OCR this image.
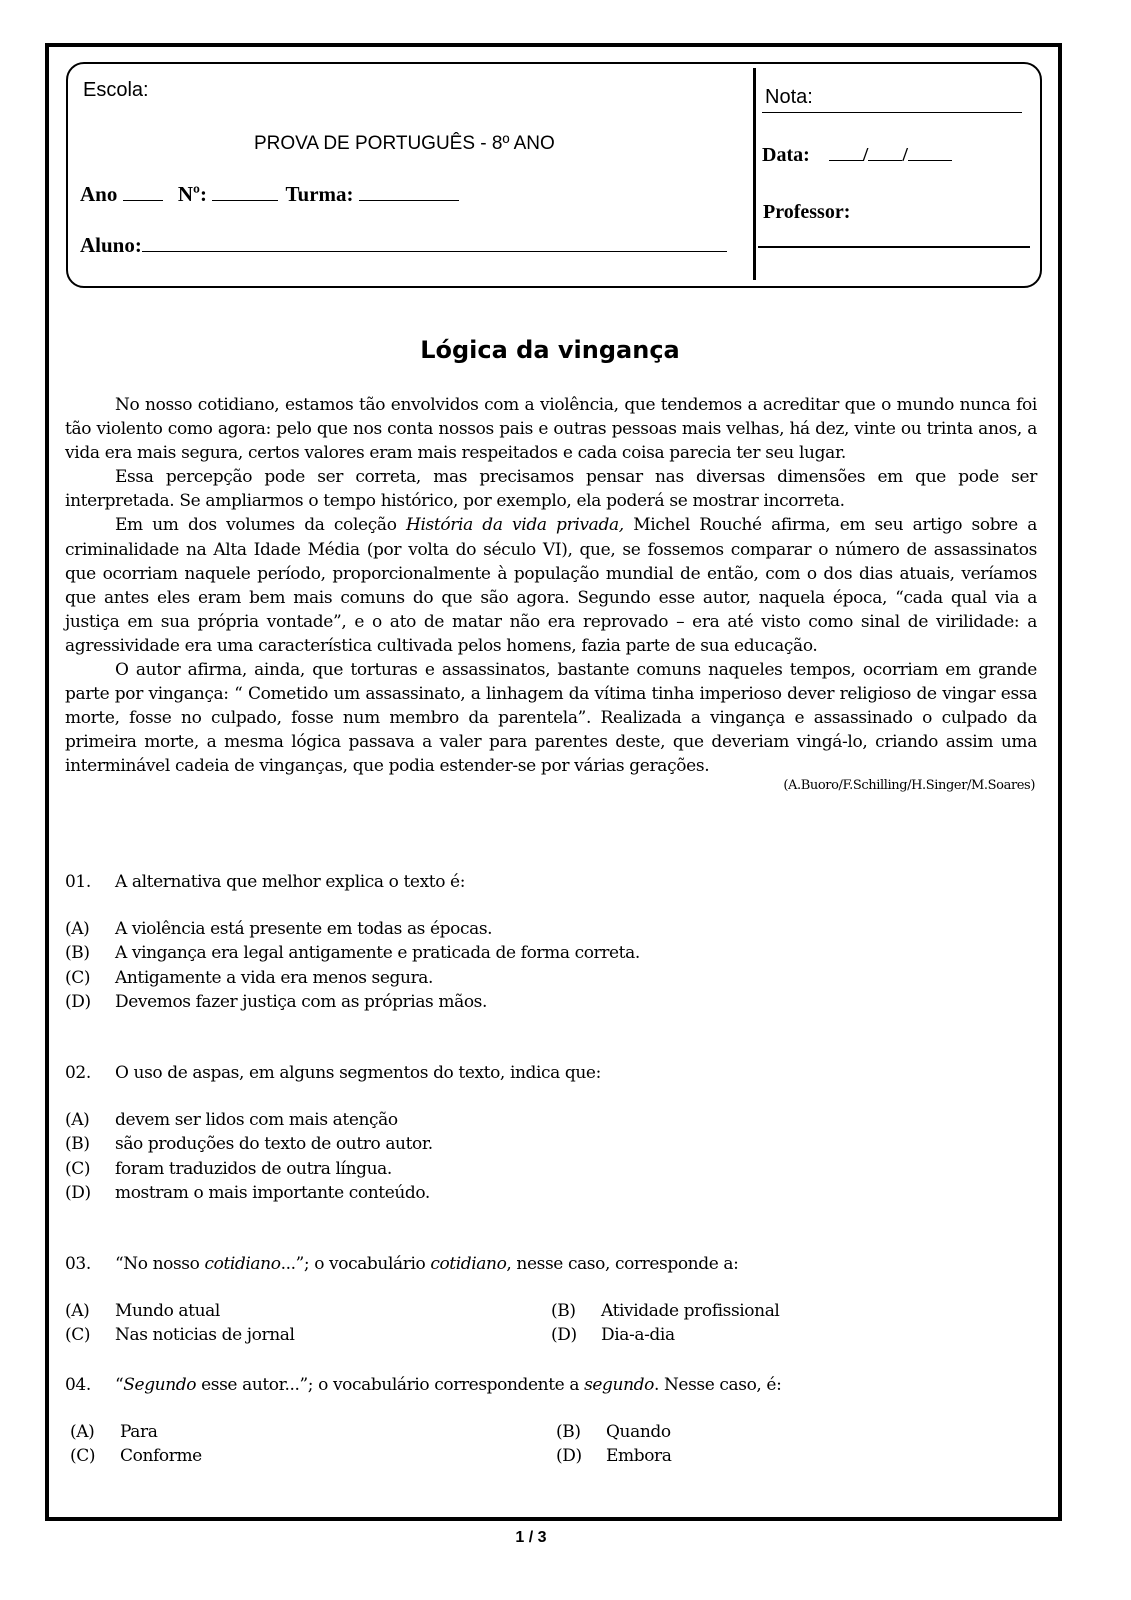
Escola:
PROVA DE PORTUGUÊS - 8º ANO
Ano	Nº:	Turma:
Aluno:
Nota:
Data:	/ /
Professor:
Lógica da vingança

No nosso cotidiano, estamos tão envolvidos com a violência, que tendemos a acreditar que o mundo nunca foi tão violento como agora: pelo que nos conta nossos pais e outras pessoas mais velhas, há dez, vinte ou trinta anos, a vida era mais segura, certos valores eram mais respeitados e cada coisa parecia ter seu lugar.

Essa percepção pode ser correta, mas precisamos pensar nas diversas dimensões em que pode ser interpretada. Se ampliarmos o tempo histórico, por exemplo, ela poderá se mostrar incorreta.

Em um dos volumes da coleção História da vida privada, Michel Rouché afirma, em seu artigo sobre a criminalidade na Alta Idade Média (por volta do século VI), que, se fossemos comparar o número de assassinatos que ocorriam naquele período, proporcionalmente à população mundial de então, com o dos dias atuais, veríamos que antes eles eram bem mais comuns do que são agora. Segundo esse autor, naquela época, “cada qual via a justiça em sua própria vontade”, e o ato de matar não era reprovado – era até visto como sinal de virilidade: a agressividade era uma característica cultivada pelos homens, fazia parte de sua educação.

O autor afirma, ainda, que torturas e assassinatos, bastante comuns naqueles tempos, ocorriam em grande parte por vingança: “ Cometido um assassinato, a linhagem da vítima tinha imperioso dever religioso de vingar essa morte, fosse no culpado, fosse num membro da parentela”. Realizada a vingança e assassinado o culpado da primeira morte, a mesma lógica passava a valer para parentes deste, que deveriam vingá-lo, criando assim uma interminável cadeia de vinganças, que podia estender-se por várias gerações.

(A.Buoro/F.Schilling/H.Singer/M.Soares)
01. A alternativa que melhor explica o texto é:
(A) A violência está presente em todas as épocas.
(B) A vingança era legal antigamente e praticada de forma correta.
(C) Antigamente a vida era menos segura.
(D) Devemos fazer justiça com as próprias mãos.
02. O uso de aspas, em alguns segmentos do texto, indica que:
(A) devem ser lidos com mais atenção
(B) são produções do texto de outro autor.
(C) foram traduzidos de outra língua.
(D) mostram o mais importante conteúdo.
03. “No nosso cotidiano...”; o vocabulário cotidiano, nesse caso, corresponde a:
(A) Mundo atual	(B) Atividade profissional
(C) Nas noticias de jornal	(D) Dia-a-dia
04. “Segundo esse autor...”; o vocabulário correspondente a segundo. Nesse caso, é:
(A) Para	(B) Quando
(C) Conforme	(D) Embora
1 / 3
